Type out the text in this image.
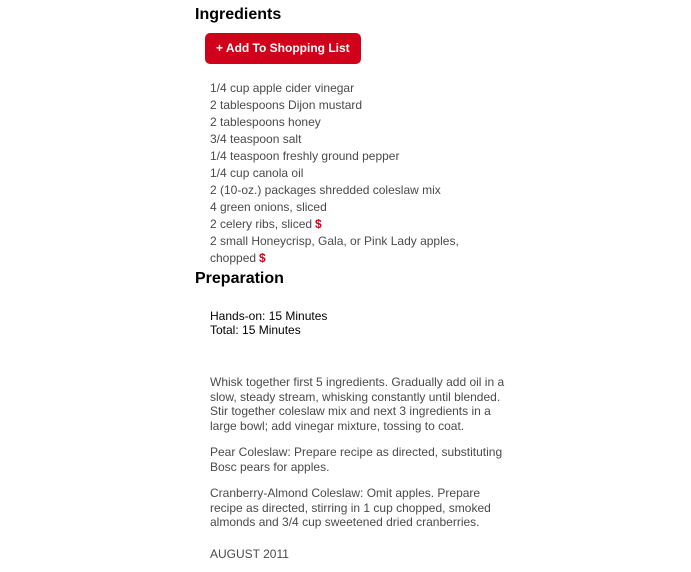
Ingredients
+ Add To Shopping List
1/4 cup apple cider vinegar
2 tablespoons Dijon mustard
2 tablespoons honey
3/4 teaspoon salt
1/4 teaspoon freshly ground pepper
1/4 cup canola oil
2 (10-oz.) packages shredded coleslaw mix
4 green onions, sliced
2 celery ribs, sliced $
2 small Honeycrisp, Gala, or Pink Lady apples, chopped $
Preparation
Hands-on: 15 Minutes
Total: 15 Minutes

Whisk together first 5 ingredients. Gradually add oil in a slow, steady stream, whisking constantly until blended. Stir together coleslaw mix and next 3 ingredients in a large bowl; add vinegar mixture, tossing to coat.

Pear Coleslaw: Prepare recipe as directed, substituting Bosc pears for apples.

Cranberry-Almond Coleslaw: Omit apples. Prepare recipe as directed, stirring in 1 cup chopped, smoked almonds and 3/4 cup sweetened dried cranberries.

AUGUST 2011
